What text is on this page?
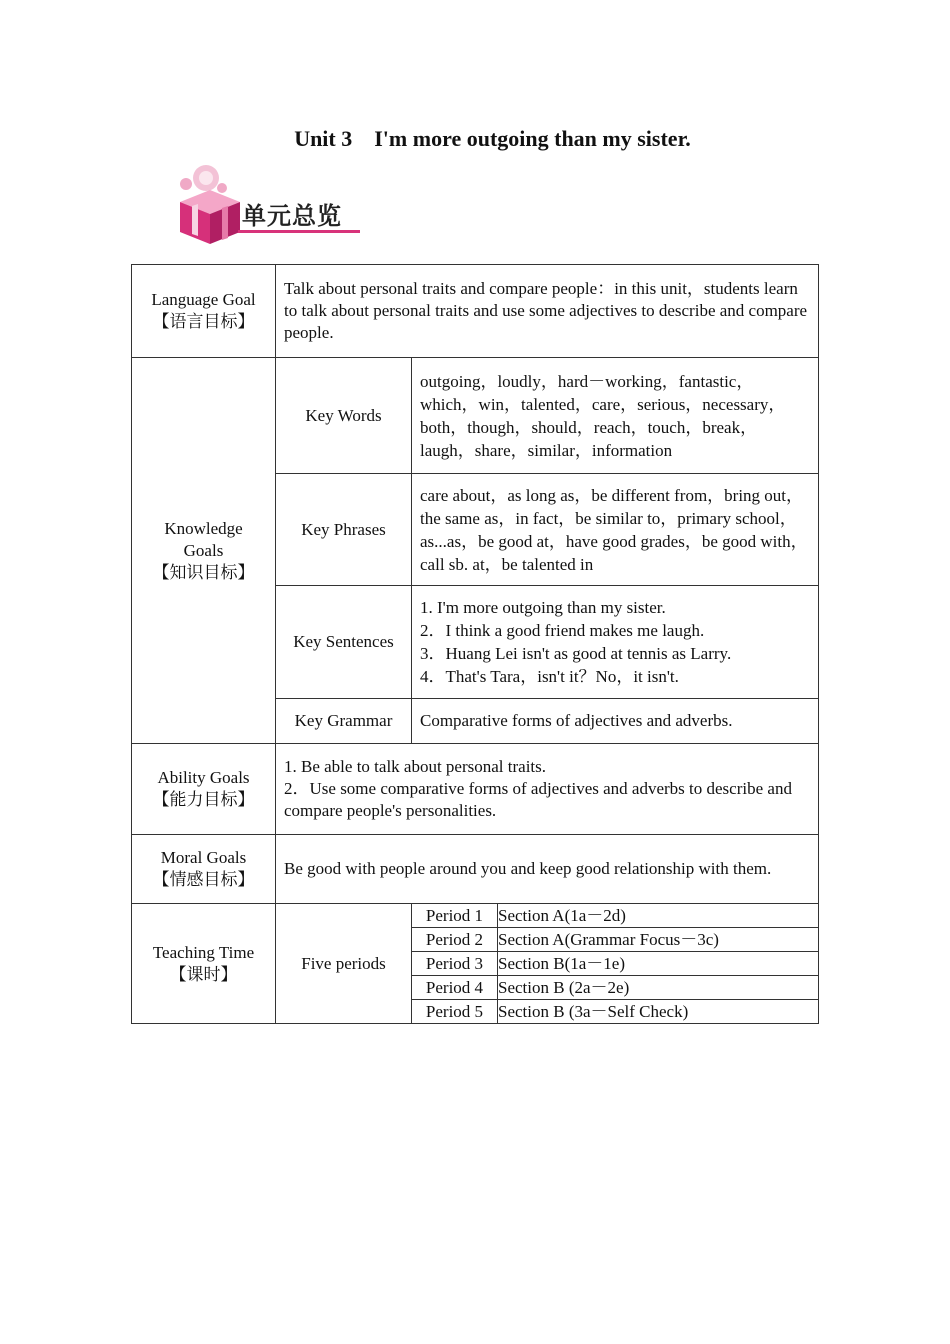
Unit 3    I'm more outgoing than my sister.
单元总览
Language Goal
【语言目标】

Talk about personal traits and compare people：in this unit，students learn to talk about personal traits and use some adjectives to describe and compare people.

Knowledge Goals
【知识目标】
	Key Words	
outgoing，loudly，hard－working，fantastic，which，win，talented，care，serious，necessary，both，though，should，reach，touch，break，laugh，share，similar，information

Key Phrases	
care about，as long as，be different from，bring out，the same as，in fact，be similar to，primary school，as...as，be good at，have good grades，be good with，call sb. at，be talented in

Key Sentences	
1. I'm more outgoing than my sister.
2．I think a good friend makes me laugh.
3．Huang Lei isn't as good at tennis as Larry.
4．That's Tara，isn't it？No，it isn't.

Key Grammar	Comparative forms of adjectives and adverbs.

Ability Goals
【能力目标】

1. Be able to talk about personal traits.
2．Use some comparative forms of adjectives and adverbs to describe and compare people's personalities.

Moral Goals
【情感目标】

Be good with people around you and keep good relationship with them.

Teaching Time
【课时】
	Five periods	
Period 1	Section A(1a－2d)
Period 2	Section A(Grammar Focus－3c)
Period 3	Section B(1a－1e)
Period 4	Section B (2a－2e)
Period 5	Section B (3a－Self Check)
